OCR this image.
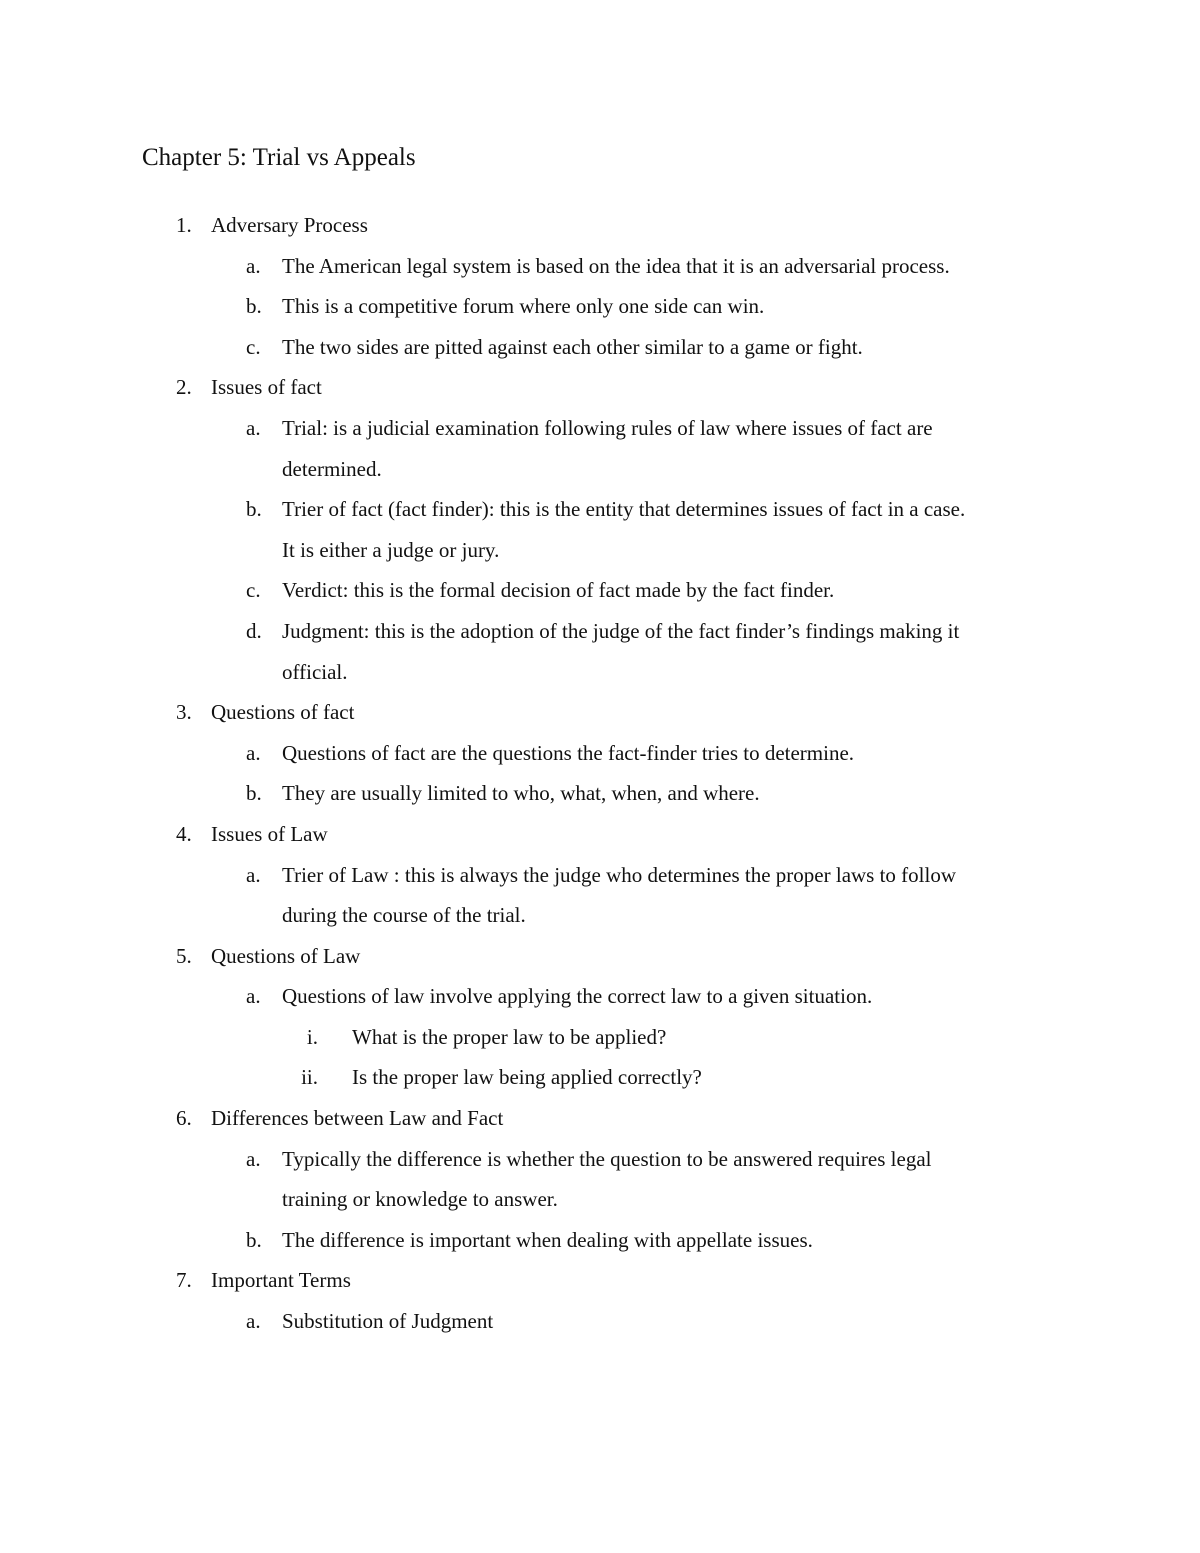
Chapter 5: Trial vs Appeals
1. Adversary Process
a. The American legal system is based on the idea that it is an adversarial process.
b. This is a competitive forum where only one side can win.
c. The two sides are pitted against each other similar to a game or fight.
2. Issues of fact
a. Trial: is a judicial examination following rules of law where issues of fact are
determined.
b. Trier of fact (fact finder): this is the entity that determines issues of fact in a case.
It is either a judge or jury.
c. Verdict: this is the formal decision of fact made by the fact finder.
d. Judgment: this is the adoption of the judge of the fact finder’s findings making it
official.
3. Questions of fact
a. Questions of fact are the questions the fact-finder tries to determine.
b. They are usually limited to who, what, when, and where.
4. Issues of Law
a. Trier of Law : this is always the judge who determines the proper laws to follow
during the course of the trial.
5. Questions of Law
a. Questions of law involve applying the correct law to a given situation.
i. What is the proper law to be applied?
ii. Is the proper law being applied correctly?
6. Differences between Law and Fact
a. Typically the difference is whether the question to be answered requires legal
training or knowledge to answer.
b. The difference is important when dealing with appellate issues.
7. Important Terms
a. Substitution of Judgment
